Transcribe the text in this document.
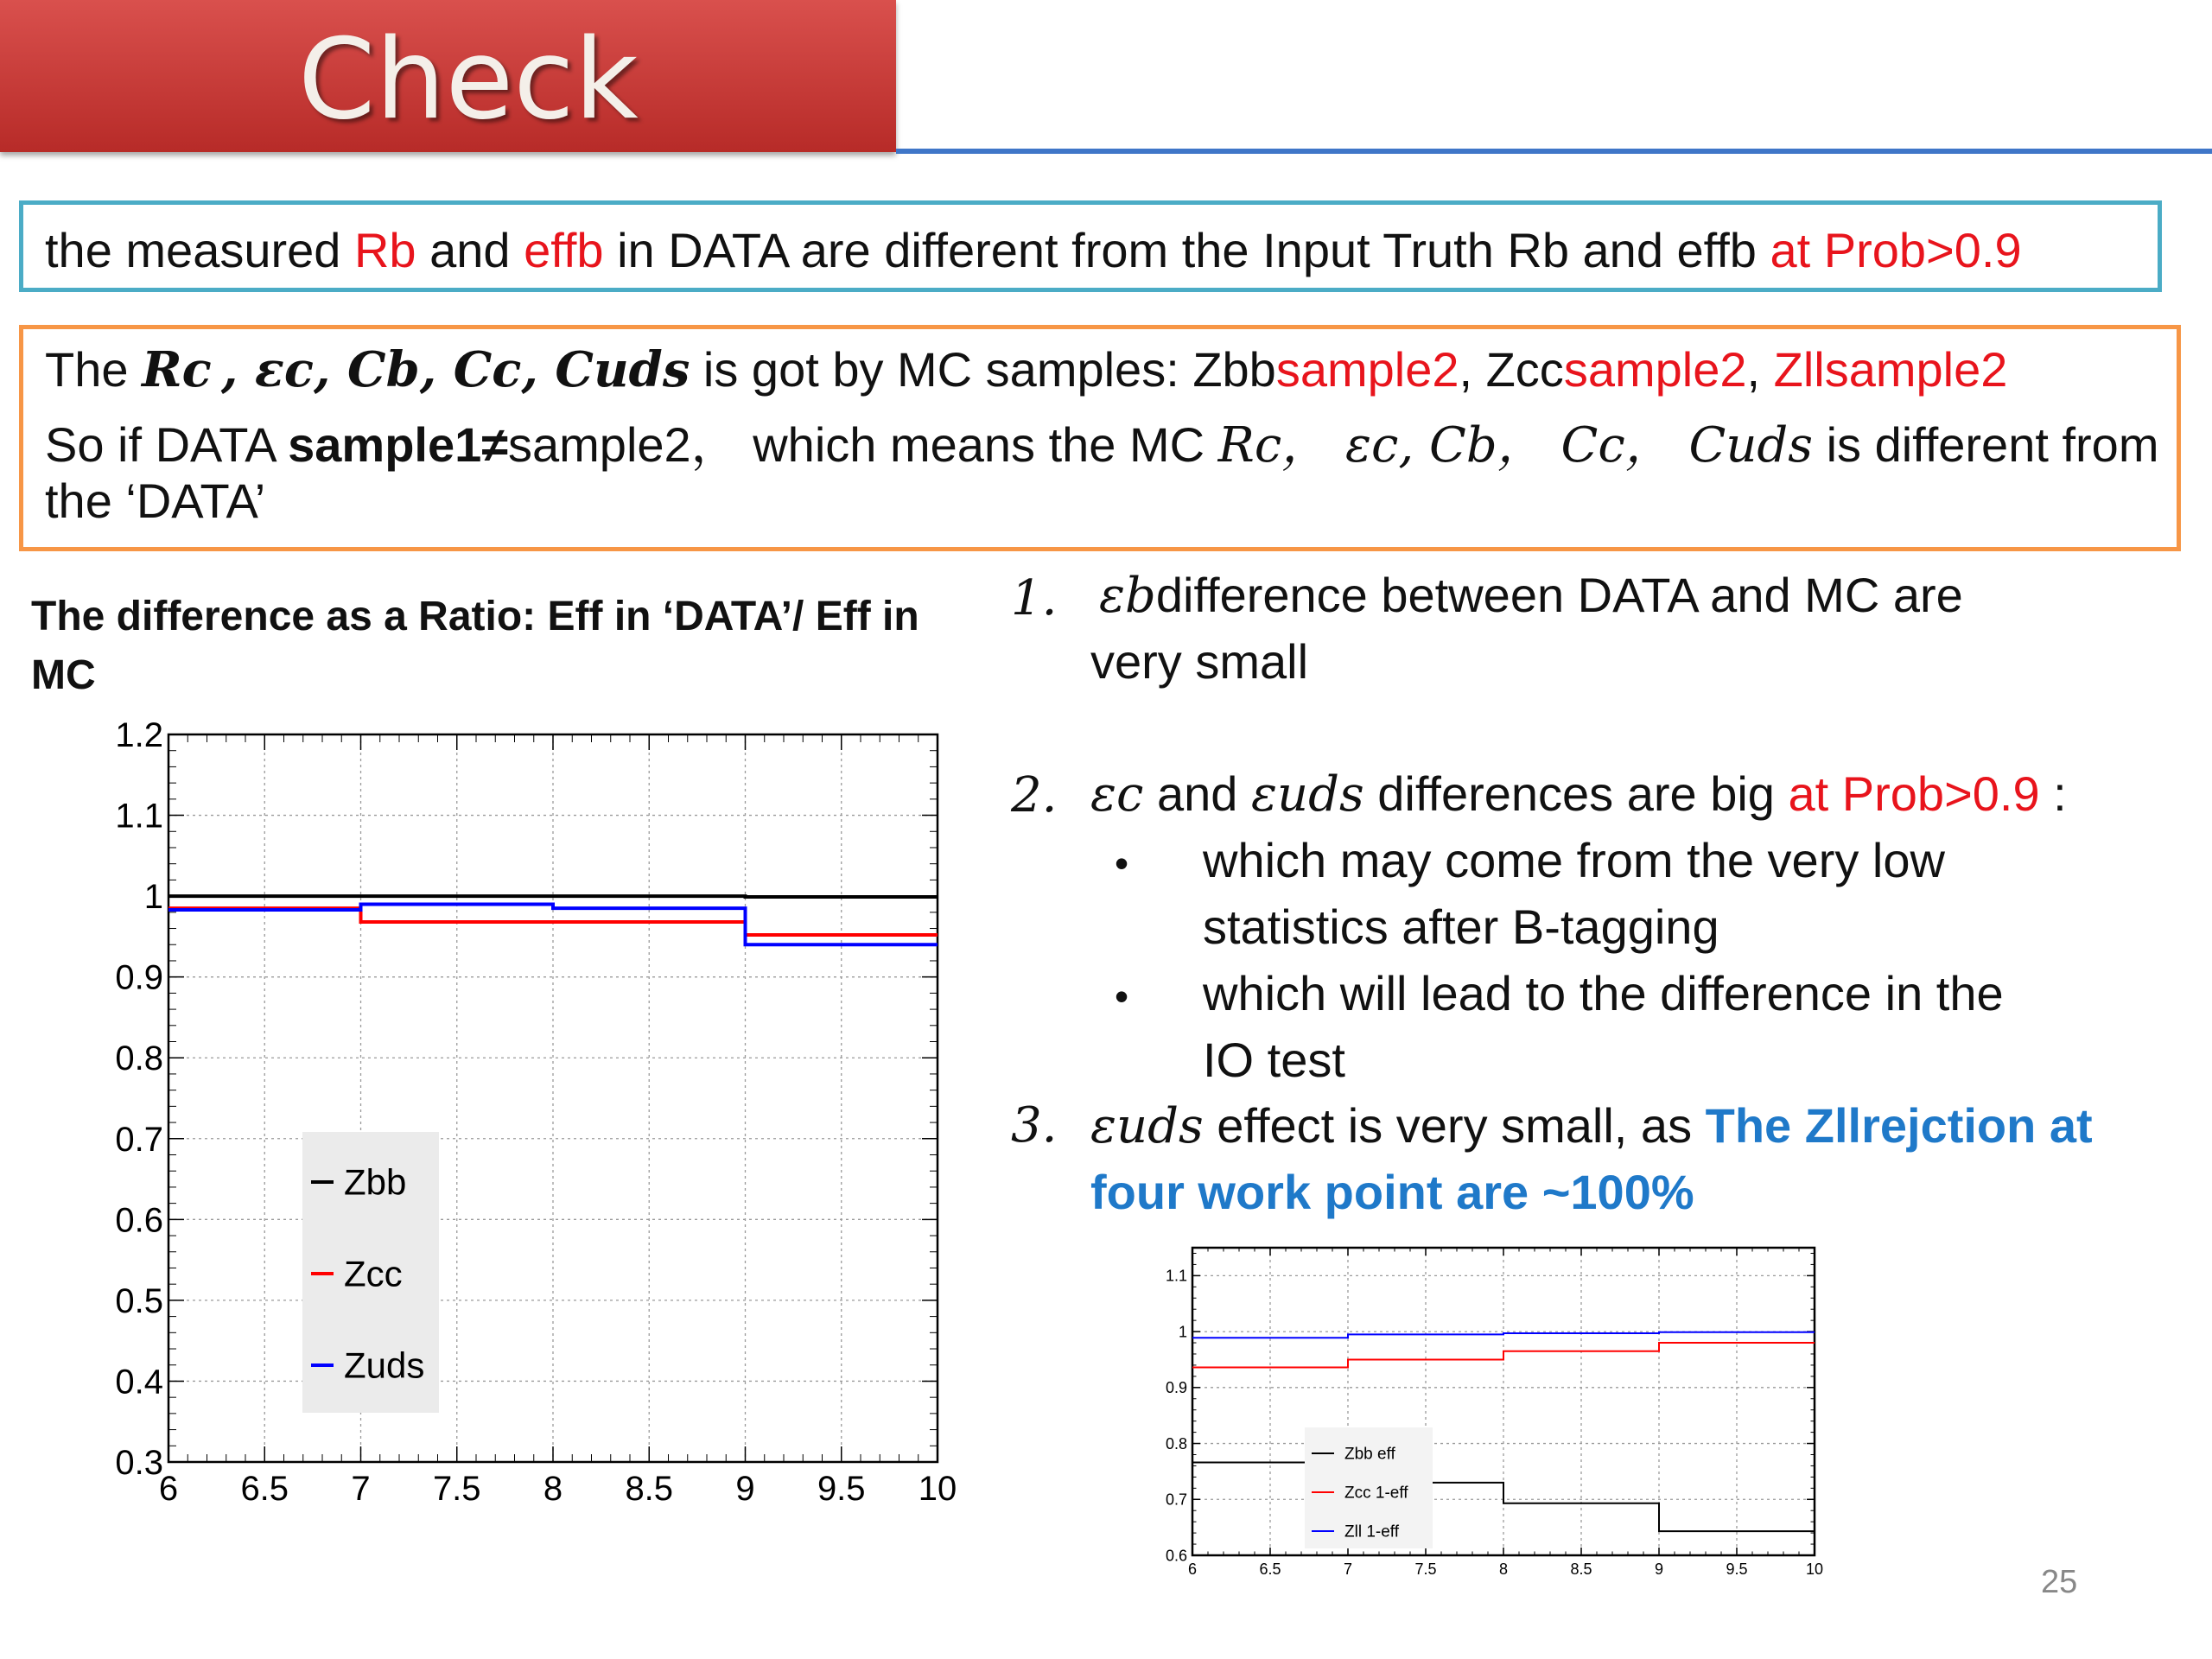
Check
the measured Rb and effb in DATA are different from the Input Truth Rb and effb at Prob>0.9
The Rc , εc, Cb, Cc, Cuds is got by MC samples: Zbbsample2, Zccsample2, Zllsample2
So if DATA sample1≠sample2， which means the MC Rc， εc, Cb， Cc， Cuds is different from
the ‘DATA’
The difference as a Ratio: Eff in ‘DATA’/ Eff in MC
6 6.5 7 7.5 8 8.5 9 9.5 10
0.3
0.4
0.5
0.6
0.7
0.8
0.9
1
1.1
1.2
Zbb
Zcc
Zuds
1. εbdifference between DATA and MC are
very small
2. εc and εuds differences are big at Prob>0.9 :
• which may come from the very low
statistics after B-tagging
• which will lead to the difference in the
IO test
3. εuds effect is very small, as The Zllrejction at
four work point are ~100%
6	6.5	7	7.5	8	8.5	9	9.5	10
0.6
0.7
0.8
0.9
1
1.1
Zbb eff
Zcc 1-eff
Zll 1-eff
25
